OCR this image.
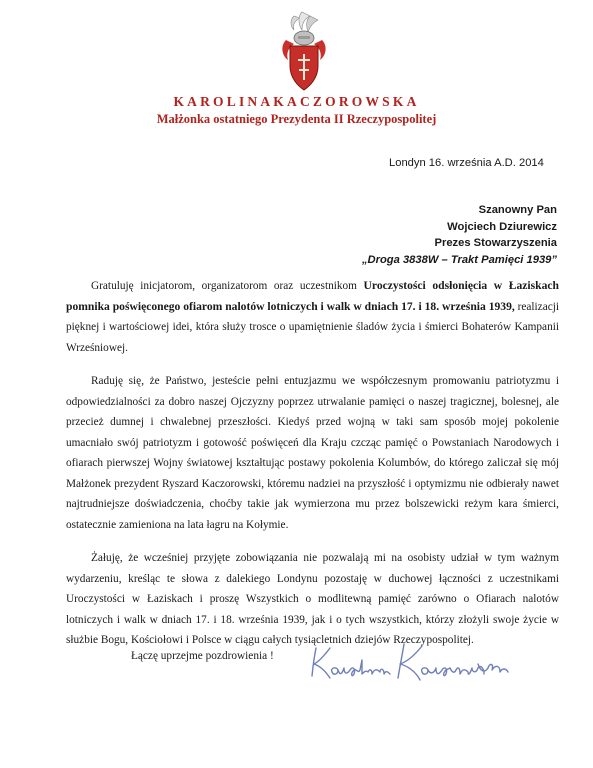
KAROLINAKACZOROWSKA
Małżonka ostatniego Prezydenta II Rzeczypospolitej
Londyn 16. września A.D. 2014
Szanowny Pan
Wojciech Dziurewicz
Prezes Stowarzyszenia
„Droga 3838W – Trakt Pamięci 1939”

Gratuluję inicjatorom, organizatorom oraz uczestnikom Uroczystości odsłonięcia w Łaziskach pomnika poświęconego ofiarom nalotów lotniczych i walk w dniach 17. i 18. września 1939, realizacji pięknej i wartościowej idei, która służy trosce o upamiętnienie śladów życia i śmierci Bohaterów Kampanii Wrześniowej.

Raduję się, że Państwo, jesteście pełni entuzjazmu we współczesnym promowaniu patriotyzmu i odpowiedzialności za dobro naszej Ojczyzny poprzez utrwalanie pamięci o naszej tragicznej, bolesnej, ale przecież dumnej i chwalebnej przeszłości. Kiedyś przed wojną w taki sam sposób mojej pokolenie umacniało swój patriotyzm i gotowość poświęceń dla Kraju czcząc pamięć o Powstaniach Narodowych i ofiarach pierwszej Wojny światowej kształtując postawy pokolenia Kolumbów, do którego zaliczał się mój Małżonek prezydent Ryszard Kaczorowski, któremu nadziei na przyszłość i optymizmu nie odbierały nawet najtrudniejsze doświadczenia, choćby takie jak wymierzona mu przez bolszewicki reżym kara śmierci, ostatecznie zamieniona na lata łagru na Kołymie.

Żałuję, że wcześniej przyjęte zobowiązania nie pozwalają mi na osobisty udział w tym ważnym wydarzeniu, kreśląc te słowa z dalekiego Londynu pozostaję w duchowej łączności z uczestnikami Uroczystości w Łaziskach i proszę Wszystkich o modlitewną pamięć zarówno o Ofiarach nalotów lotniczych i walk w dniach 17. i 18. września 1939, jak i o tych wszystkich, którzy złożyli swoje życie w służbie Bogu, Kościołowi i Polsce w ciągu całych tysiącletnich dziejów Rzeczypospolitej.

Łączę uprzejme pozdrowienia !
